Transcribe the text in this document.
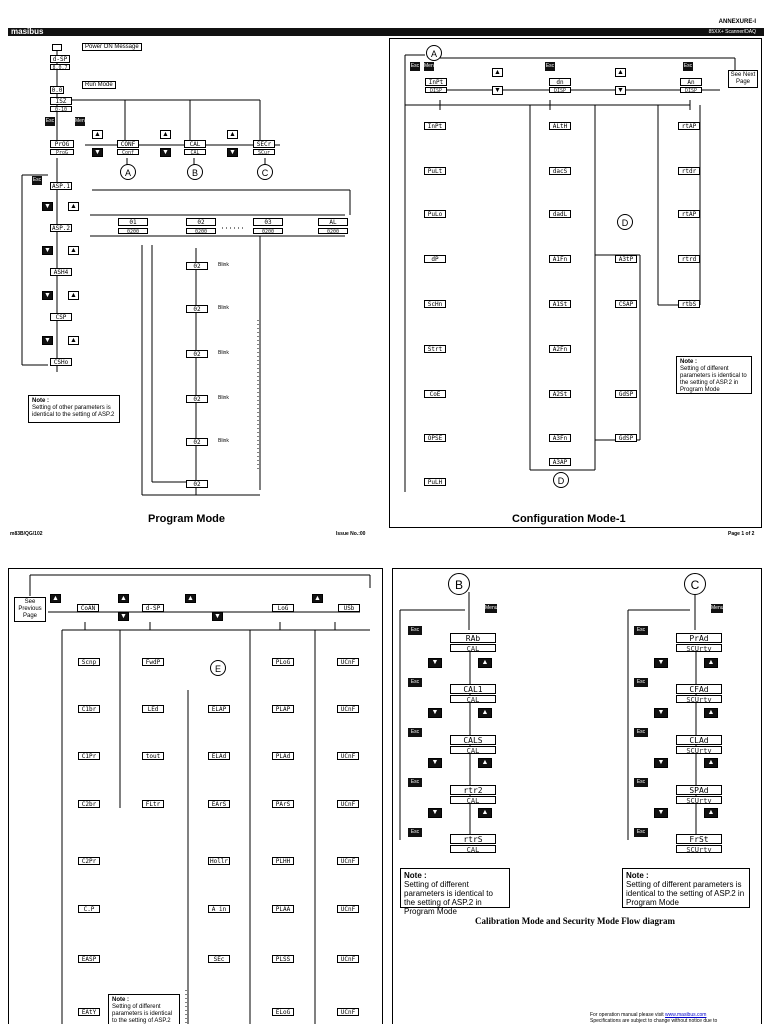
masibus
ANNEXURE-I
85XX+ Scanner/DAQ
Power ON Message
d-SP
8.0.7
Run Mode
0.0
ISZ
0-10
Esc	Menu
PrOG
ProG	▼
▲
CONF
Conf	▼
▲
CAL
CAL	▼
▲
SECr
SCur
A	B	C
Esc
ASP.1
▼	▲
ASP.2
▼	▲
ASH4
▼	▲
CSP
▼	▲
CSHo
01	02	03	AL
0200	0200	0200	0200
02	Blink
02	Blink
02	Blink
02	Blink
02	Blink
02
Note :
Setting of other parameters is identical to the setting of ASP.2
Program Mode
m83B/QG/102	Issue No.:00
A
See Next Page
Esc Menu	Esc	Esc
▲	▲
▼	▼
InPt
DISP
dn
DISP
An
DISP
InPt
PuLt
PuLo
dP
ScHn
Strt
CoE
OPSE
PuLH
ALtH
dacS
dadL
A1Fn
A1St
A2Fn
A2St
A3Fn
A3AP
D
rtAP
rtdr
rtAP
rtrd
rtbS
D
A3tP
CSAP
GdSP
GdSP
Note :
Setting of different parameters is identical to the setting of ASP.2 in Program Mode
Configuration Mode-1
Page 1 of 2
See Previous Page
CoAN	d-SP	LoG	USb
▲	▲	▲	▲
▼	▼
E
Scnp
C1br
C1Pr
C2br
C2Pr
C.P
EASP
EAtY
FwdP
LEd
tout
FLtr
ELAP
ELAd
EArS
Hollr
A in
SEc
PLoG
PLAP
PLAd
PArS
PLHH
PLAA
PLSS
ELoG
UCnF
UCnF
UCnF
UCnF
UCnF
UCnF
UCnF
UCnF
Note :
Setting of different parameters is identical to the setting of ASP.2
B	C
Menu	Menu
RAb
CAL
CAL1
CAL
CALS
CAL
rtr2
CAL
rtrS
CAL
Esc
Esc
Esc
Esc
Esc
▼	▲
▼	▲
▼	▲
▼	▲
PrAd
SCUrty
CFAd
SCUrty
CLAd
SCUrty
SPAd
SCUrty
FrSt
SCUrty
Esc
Esc
Esc
Esc
Esc
▼	▲
▼	▲
▼	▲
▼	▲
Note :
Setting of different parameters is identical to the setting of ASP.2 in Program Mode
Note :
Setting of different parameters is identical to the setting of ASP.2 in Program Mode
Calibration Mode and Security Mode Flow diagram
For operation manual please visit www.masibus.com
Specifications are subject to change without notice due to
